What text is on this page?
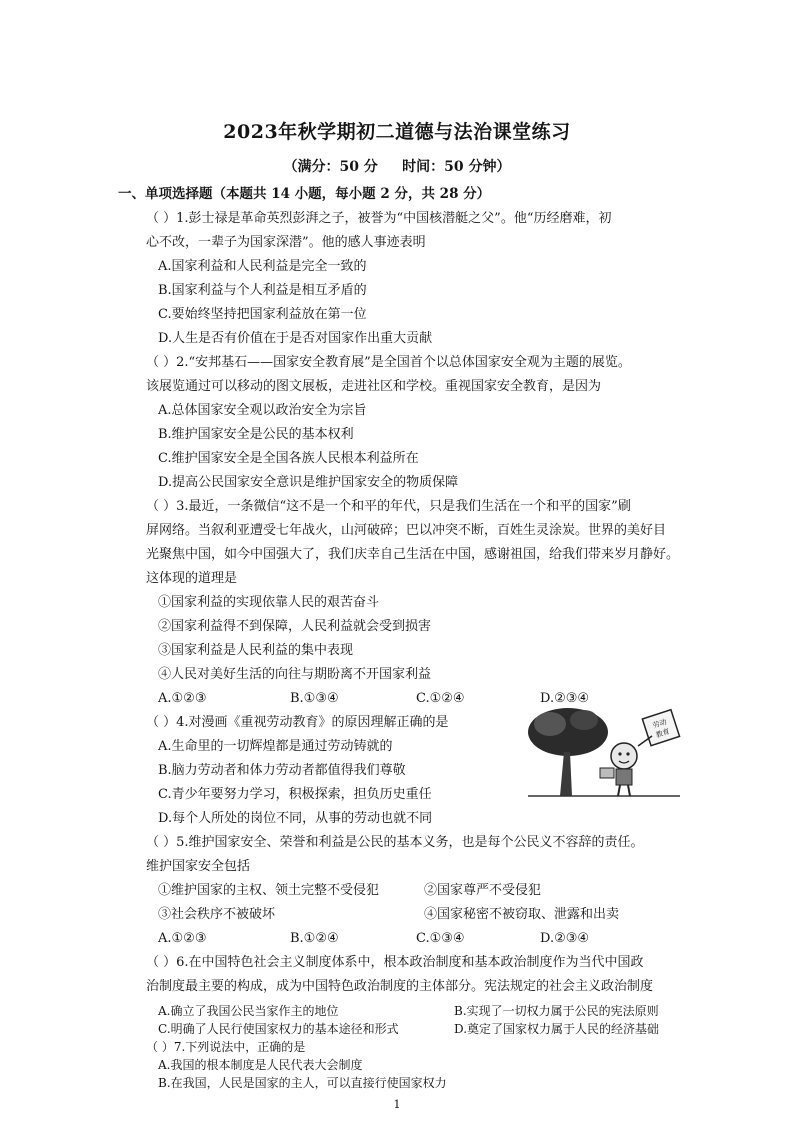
2023年秋学期初二道德与法治课堂练习
（满分：50 分     时间：50 分钟）
一、单项选择题（本题共 14 小题，每小题 2 分，共 28 分）
（ ）1.彭士禄是革命英烈彭湃之子，被誉为“中国核潜艇之父”。他“历经磨难，初
心不改，一辈子为国家深潜”。他的感人事迹表明
A.国家利益和人民利益是完全一致的
B.国家利益与个人利益是相互矛盾的
C.要始终坚持把国家利益放在第一位
D.人生是否有价值在于是否对国家作出重大贡献
（ ）2.“安邦基石——国家安全教育展”是全国首个以总体国家安全观为主题的展览。
该展览通过可以移动的图文展板，走进社区和学校。重视国家安全教育，是因为
A.总体国家安全观以政治安全为宗旨
B.维护国家安全是公民的基本权利
C.维护国家安全是全国各族人民根本利益所在
D.提高公民国家安全意识是维护国家安全的物质保障
（ ）3.最近，一条微信“这不是一个和平的年代，只是我们生活在一个和平的国家”刷
屏网络。当叙利亚遭受七年战火，山河破碎；巴以冲突不断，百姓生灵涂炭。世界的美好目
光聚焦中国，如今中国强大了，我们庆幸自己生活在中国，感谢祖国，给我们带来岁月静好。
这体现的道理是
①国家利益的实现依靠人民的艰苦奋斗
②国家利益得不到保障，人民利益就会受到损害
③国家利益是人民利益的集中表现
④人民对美好生活的向往与期盼离不开国家利益
A.①②③	B.①③④	C.①②④	D.②③④
（ ）4.对漫画《重视劳动教育》的原因理解正确的是
A.生命里的一切辉煌都是通过劳动铸就的
B.脑力劳动者和体力劳动者都值得我们尊敬
C.青少年要努力学习，积极探索，担负历史重任
D.每个人所处的岗位不同，从事的劳动也就不同
劳动
教育
（ ）5.维护国家安全、荣誉和利益是公民的基本义务，也是每个公民义不容辞的责任。
维护国家安全包括
①维护国家的主权、领土完整不受侵犯	②国家尊严不受侵犯
③社会秩序不被破坏	④国家秘密不被窃取、泄露和出卖
A.①②③	B.①②④	C.①③④	D.②③④
（ ）6.在中国特色社会主义制度体系中，根本政治制度和基本政治制度作为当代中国政
治制度最主要的构成，成为中国特色政治制度的主体部分。宪法规定的社会主义政治制度
A.确立了我国公民当家作主的地位	B.实现了一切权力属于公民的宪法原则
C.明确了人民行使国家权力的基本途径和形式	D.奠定了国家权力属于人民的经济基础
（ ）7.下列说法中，正确的是
A.我国的根本制度是人民代表大会制度
B.在我国，人民是国家的主人，可以直接行使国家权力
1
